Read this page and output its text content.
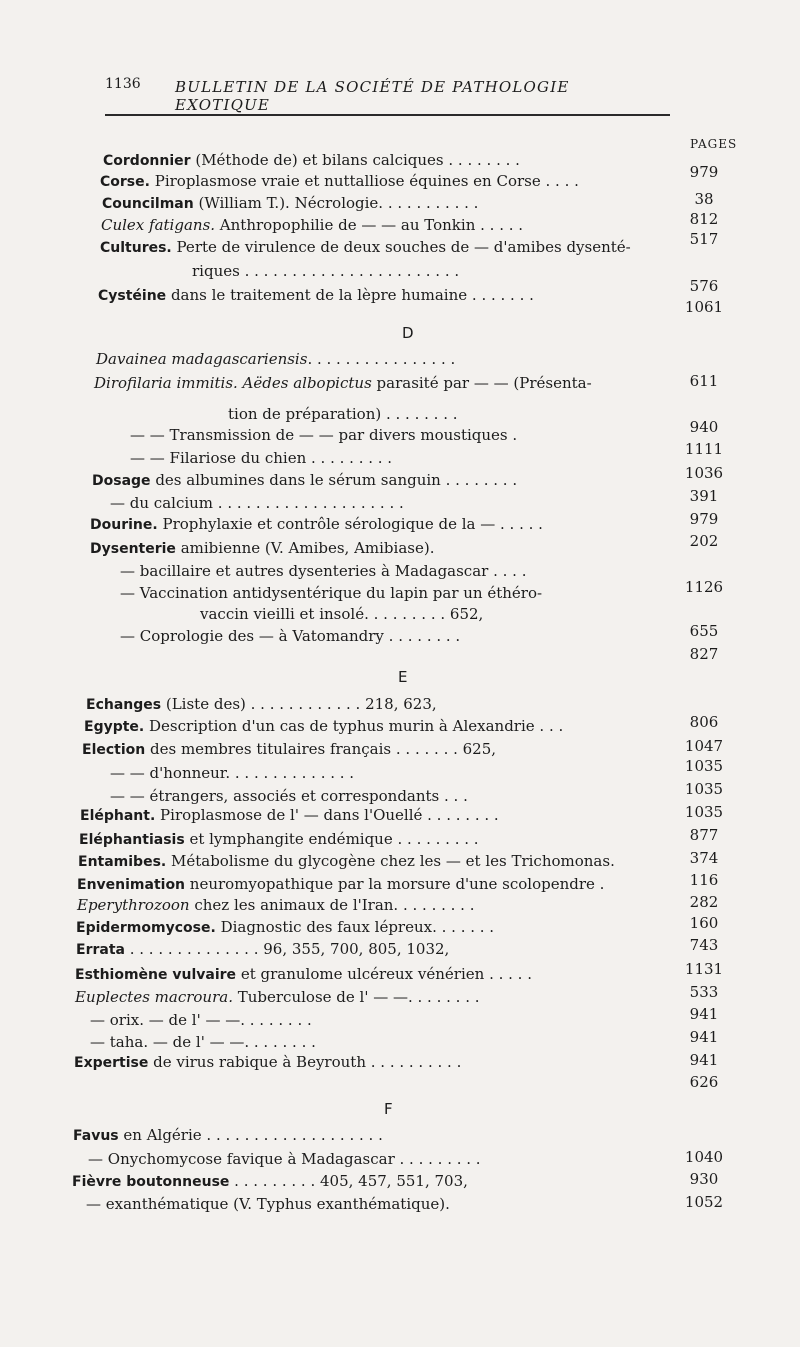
1136 BULLETIN DE LA SOCIÉTÉ DE PATHOLOGIE EXOTIQUE
PAGES
Cordonnier (Méthode de) et bilans calciques . . . . . . . .
979
Corse. Piroplasmose vraie et nuttalliose équines en Corse . . . .
38
Councilman (William T.). Nécrologie. . . . . . . . . . .
812
Culex fatigans. Anthropophilie de — — au Tonkin . . . . .
517
Cultures. Perte de virulence de deux souches de — d'amibes dysenté-
riques . . . . . . . . . . . . . . . . . . . . . . .
576
Cystéine dans le traitement de la lèpre humaine . . . . . . .
1061
D
Davainea madagascariensis. . . . . . . . . . . . . . . .
611
Dirofilaria immitis. Aëdes albopictus parasité par — — (Présenta-
tion de préparation) . . . . . . . .
940
— — Transmission de — — par divers moustiques .
1111
— — Filariose du chien . . . . . . . . .
1036
Dosage des albumines dans le sérum sanguin . . . . . . . .
391
— du calcium . . . . . . . . . . . . . . . . . . . .
979
Dourine. Prophylaxie et contrôle sérologique de la — . . . . .
202
Dysenterie amibienne (V. Amibes, Amibiase).
— bacillaire et autres dysenteries à Madagascar . . . .
1126
— Vaccination antidysentérique du lapin par un éthéro-
vaccin vieilli et insolé. . . . . . . . . 652,
655
— Coprologie des — à Vatomandry . . . . . . . .
827
E
Echanges (Liste des) . . . . . . . . . . . . 218, 623,
806
Egypte. Description d'un cas de typhus murin à Alexandrie . . .
1047
Election des membres titulaires français . . . . . . . 625,
1035
— — d'honneur. . . . . . . . . . . . . .
1035
— — étrangers, associés et correspondants . . .
1035
Eléphant. Piroplasmose de l' — dans l'Ouellé . . . . . . . .
877
Eléphantiasis et lymphangite endémique . . . . . . . . .
374
Entamibes. Métabolisme du glycogène chez les — et les Trichomonas.
116
Envenimation neuromyopathique par la morsure d'une scolopendre .
282
Eperythrozoon chez les animaux de l'Iran. . . . . . . . .
160
Epidermomycose. Diagnostic des faux lépreux. . . . . . .
743
Errata . . . . . . . . . . . . . . 96, 355, 700, 805, 1032,
1131
Esthiomène vulvaire et granulome ulcéreux vénérien . . . . .
533
Euplectes macroura. Tuberculose de l' — —. . . . . . . .
941
— orix. — de l' — —. . . . . . . .
941
— taha. — de l' — —. . . . . . . .
941
Expertise de virus rabique à Beyrouth . . . . . . . . . .
626
F
Favus en Algérie . . . . . . . . . . . . . . . . . . .
1040
— Onychomycose favique à Madagascar . . . . . . . . .
930
Fièvre boutonneuse . . . . . . . . . 405, 457, 551, 703,
1052
— exanthématique (V. Typhus exanthématique).
